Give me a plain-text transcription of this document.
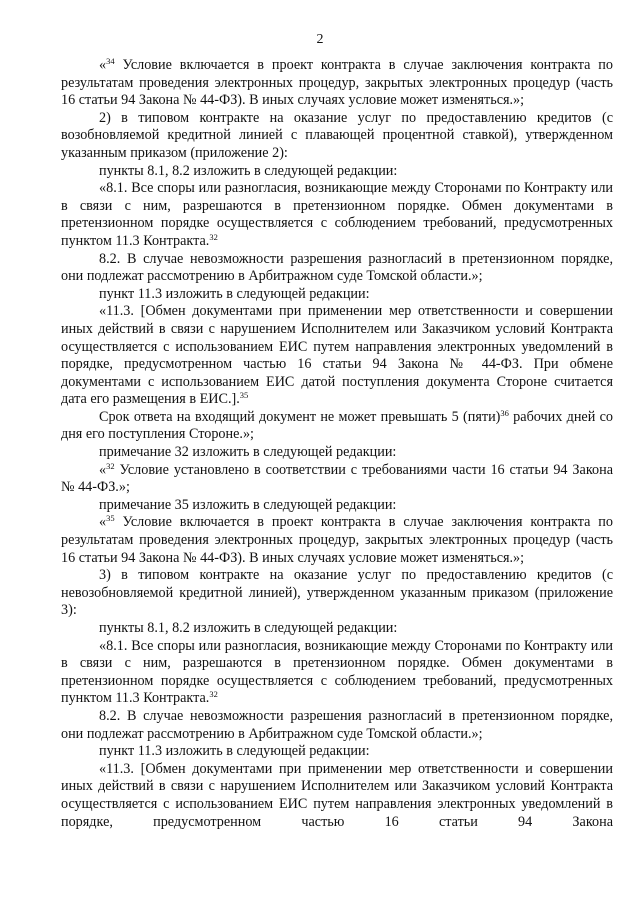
2

«$^{34}$ Условие включается в проект контракта в случае заключения контракта по результатам проведения электронных процедур, закрытых электронных процедур (часть 16 статьи 94 Закона № 44-ФЗ). В иных случаях условие может изменяться.»;

2) в типовом контракте на оказание услуг по предоставлению кредитов (с возобновляемой кредитной линией с плавающей процентной ставкой), утвержденном указанным приказом (приложение 2):

пункты 8.1, 8.2 изложить в следующей редакции:

«8.1. Все споры или разногласия, возникающие между Сторонами по Контракту или в связи с ним, разрешаются в претензионном порядке. Обмен документами в претензионном порядке осуществляется с соблюдением требований, предусмотренных пунктом 11.3 Контракта.$^{32}$

8.2. В случае невозможности разрешения разногласий в претензионном порядке, они подлежат рассмотрению в Арбитражном суде Томской области.»;

пункт 11.3 изложить в следующей редакции:

«11.3. [Обмен документами при применении мер ответственности и совершении иных действий в связи с нарушением Исполнителем или Заказчиком условий Контракта осуществляется с использованием ЕИС путем направления электронных уведомлений в порядке, предусмотренном частью 16 статьи 94 Закона № 44-ФЗ. При обмене документами с использованием ЕИС датой поступления документа Стороне считается дата его размещения в ЕИС.].$^{35}$

Срок ответа на входящий документ не может превышать 5 (пяти)$^{36}$ рабочих дней со дня его поступления Стороне.»;

примечание 32 изложить в следующей редакции:

«$^{32}$ Условие установлено в соответствии с требованиями части 16 статьи 94 Закона № 44-ФЗ.»;

примечание 35 изложить в следующей редакции:

«$^{35}$ Условие включается в проект контракта в случае заключения контракта по результатам проведения электронных процедур, закрытых электронных процедур (часть 16 статьи 94 Закона № 44-ФЗ). В иных случаях условие может изменяться.»;

3) в типовом контракте на оказание услуг по предоставлению кредитов (с невозобновляемой кредитной линией), утвержденном указанным приказом (приложение 3):

пункты 8.1, 8.2 изложить в следующей редакции:

«8.1. Все споры или разногласия, возникающие между Сторонами по Контракту или в связи с ним, разрешаются в претензионном порядке. Обмен документами в претензионном порядке осуществляется с соблюдением требований, предусмотренных пунктом 11.3 Контракта.$^{32}$

8.2. В случае невозможности разрешения разногласий в претензионном порядке, они подлежат рассмотрению в Арбитражном суде Томской области.»;

пункт 11.3 изложить в следующей редакции:

«11.3. [Обмен документами при применении мер ответственности и совершении иных действий в связи с нарушением Исполнителем или Заказчиком условий Контракта осуществляется с использованием ЕИС путем направления электронных уведомлений в порядке, предусмотренном частью 16 статьи 94 Закона
